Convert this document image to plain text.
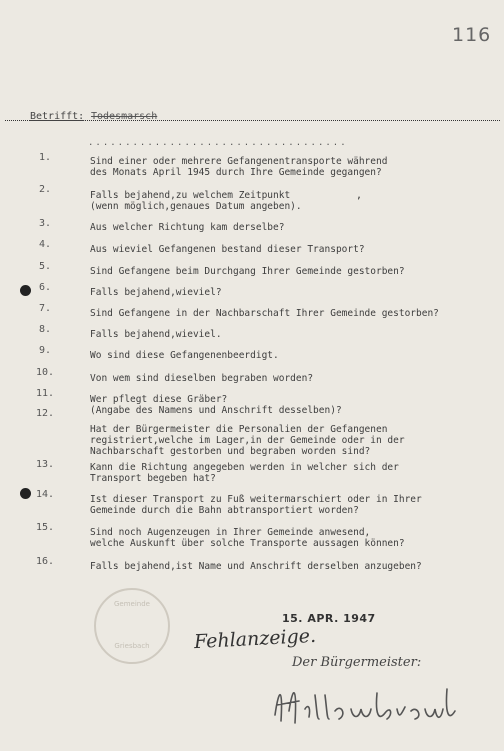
116
Betrifft: Todesmarsch
...................................
1.	Sind einer oder mehrere Gefangenentransporte während
des Monats April 1945 durch Ihre Gemeinde gegangen?
2.
Falls bejahend,zu welchem Zeitpunkt
(wenn möglich,genaues Datum angeben).
3.	Aus welcher Richtung kam derselbe?
4.	Aus wieviel Gefangenen bestand dieser Transport?
5.	Sind Gefangene beim Durchgang Ihrer Gemeinde gestorben?
6.	Falls bejahend,wieviel?
7.	Sind Gefangene in der Nachbarschaft Ihrer Gemeinde gestorben?
8.	Falls bejahend,wieviel.
9.	Wo sind diese Gefangenenbeerdigt.
10.
Von wem sind dieselben begraben worden?
11.
Wer pflegt diese Gräber?
12.	(Angabe des Namens und Anschrift desselben)?
Hat der Bürgermeister die Personalien der Gefangenen
registriert,welche im Lager,in der Gemeinde oder in der
Nachbarschaft gestorben und begraben worden sind?
13.	Kann die Richtung angegeben werden in welcher sich der
Transport begeben hat?
14.	Ist dieser Transport zu Fuß weitermarschiert oder in Ihrer
Gemeinde durch die Bahn abtransportiert worden?
15.	Sind noch Augenzeugen in Ihrer Gemeinde anwesend,
welche Auskunft über solche Transporte aussagen können?
16.	Falls bejahend,ist Name und Anschrift derselben anzugeben?
,
Gemeinde
Griesbach
15. APR. 1947
Fehlanzeige.
Der Bürgermeister:
